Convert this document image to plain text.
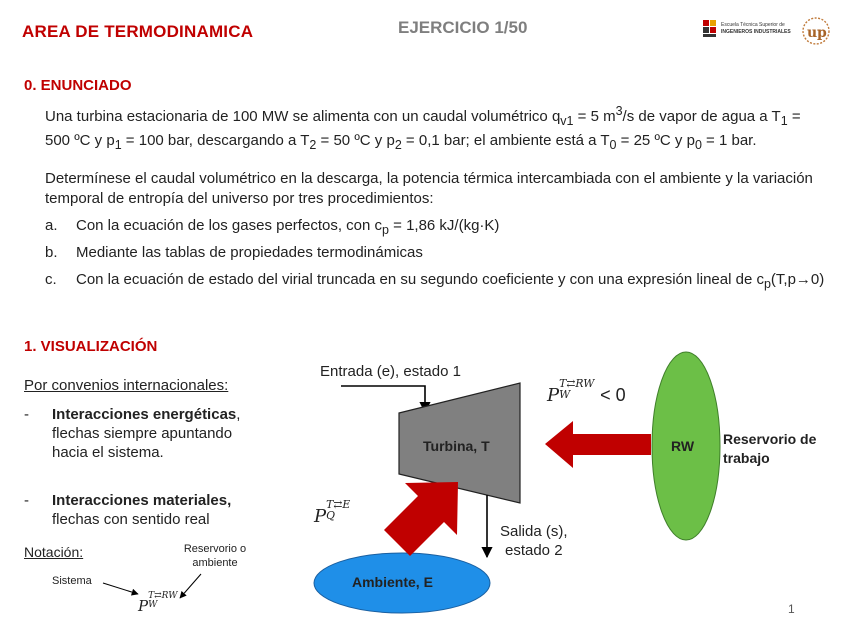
AREA DE TERMODINAMICA	EJERCICIO 1/50	Escuela Técnica Superior de
INGENIEROS INDUSTRIALES u p
0. ENUNCIADO
Una turbina estacionaria de 100 MW se alimenta con un caudal volumétrico $q_{v1} = 5$ $m^3/s$ de vapor de agua a $T_1 = 500$ ºC y $p_1 = 100$ bar, descargando a $T_2 = 50$ ºC y $p_2 = 0,1$ bar; el ambiente está a $T_0 = 25$ ºC y $p_0 = 1$ bar.
Determínese el caudal volumétrico en la descarga, la potencia térmica intercambiada con el ambiente y la variación temporal de entropía del universo por tres procedimientos:
a. Con la ecuación de los gases perfectos, con $c_p = 1,86$ kJ/(kg·K)
b. Mediante las tablas de propiedades termodinámicas
c. Con la ecuación de estado del virial truncada en su segundo coeficiente y con una expresión lineal de $c_p(T,p\to 0)$
1. VISUALIZACIÓN
Por convenios internacionales:
- Interacciones energéticas, flechas siempre apuntando hacia el sistema.
- Interacciones materiales, flechas con sentido real
Notación:	Reservorio o ambiente
Sistema
P
T⇄RW
W
Entrada (e), estado 1
Turbina, T
Salida (s),
estado 2
Ambiente, E
RW Reservorio de trabajo
P
T⇄RW
W < 0
P
T⇄E
Q
1
